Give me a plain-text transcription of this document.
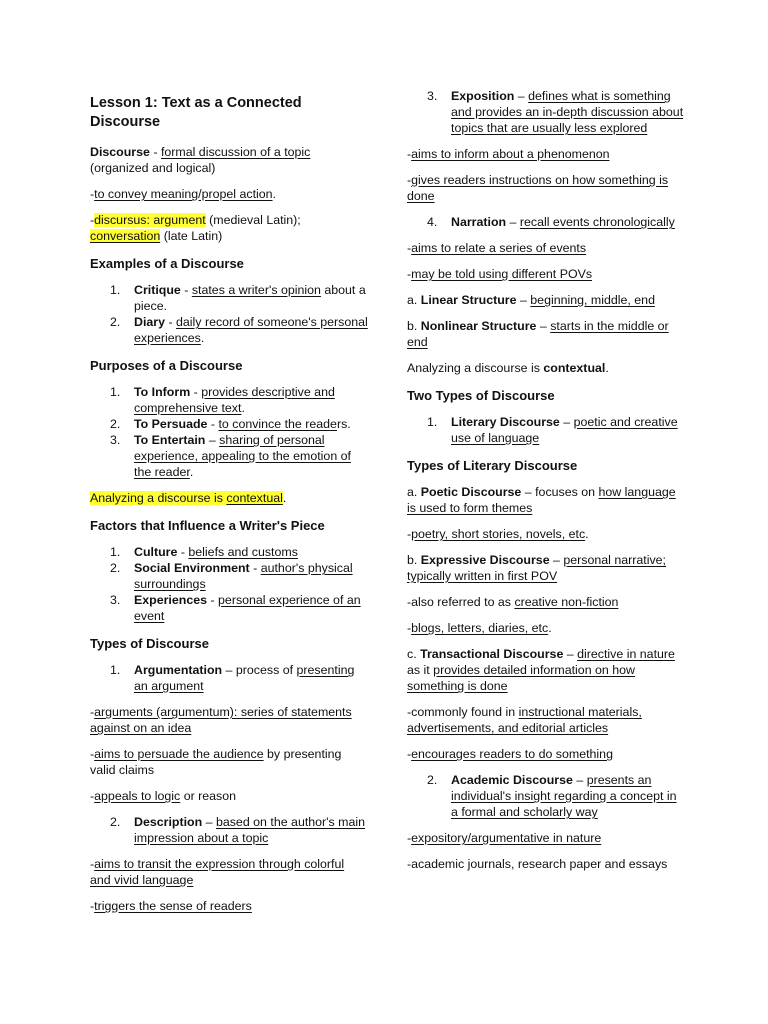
Lesson 1: Text as a Connected Discourse
Discourse - formal discussion of a topic (organized and logical)
-to convey meaning/propel action.
-discursus: argument (medieval Latin); conversation (late Latin)
Examples of a Discourse
1.	Critique - states a writer's opinion about a piece.
2.	Diary - daily record of someone's personal experiences.
Purposes of a Discourse
1.	To Inform - provides descriptive and comprehensive text.
2.	To Persuade - to convince the readers.
3.	To Entertain – sharing of personal experience, appealing to the emotion of the reader.
Analyzing a discourse is contextual.
Factors that Influence a Writer's Piece
1.	Culture - beliefs and customs
2.	Social Environment - author's physical surroundings
3.	Experiences - personal experience of an event
Types of Discourse
1.	Argumentation – process of presenting an argument
-arguments (argumentum): series of statements against on an idea
-aims to persuade the audience by presenting valid claims
-appeals to logic or reason
2.	Description – based on the author's main impression about a topic
-aims to transit the expression through colorful and vivid language
-triggers the sense of readers
3.	Exposition – defines what is something and provides an in-depth discussion about topics that are usually less explored
-aims to inform about a phenomenon
-gives readers instructions on how something is done
4.	Narration – recall events chronologically
-aims to relate a series of events
-may be told using different POVs
a. Linear Structure – beginning, middle, end
b. Nonlinear Structure – starts in the middle or end
Analyzing a discourse is contextual.
Two Types of Discourse
1.	Literary Discourse – poetic and creative use of language
Types of Literary Discourse
a. Poetic Discourse – focuses on how language is used to form themes
-poetry, short stories, novels, etc.
b. Expressive Discourse – personal narrative; typically written in first POV
-also referred to as creative non-fiction
-blogs, letters, diaries, etc.
c. Transactional Discourse – directive in nature as it provides detailed information on how something is done
-commonly found in instructional materials, advertisements, and editorial articles
-encourages readers to do something
2.	Academic Discourse – presents an individual's insight regarding a concept in a formal and scholarly way
-expository/argumentative in nature
-academic journals, research paper and essays
